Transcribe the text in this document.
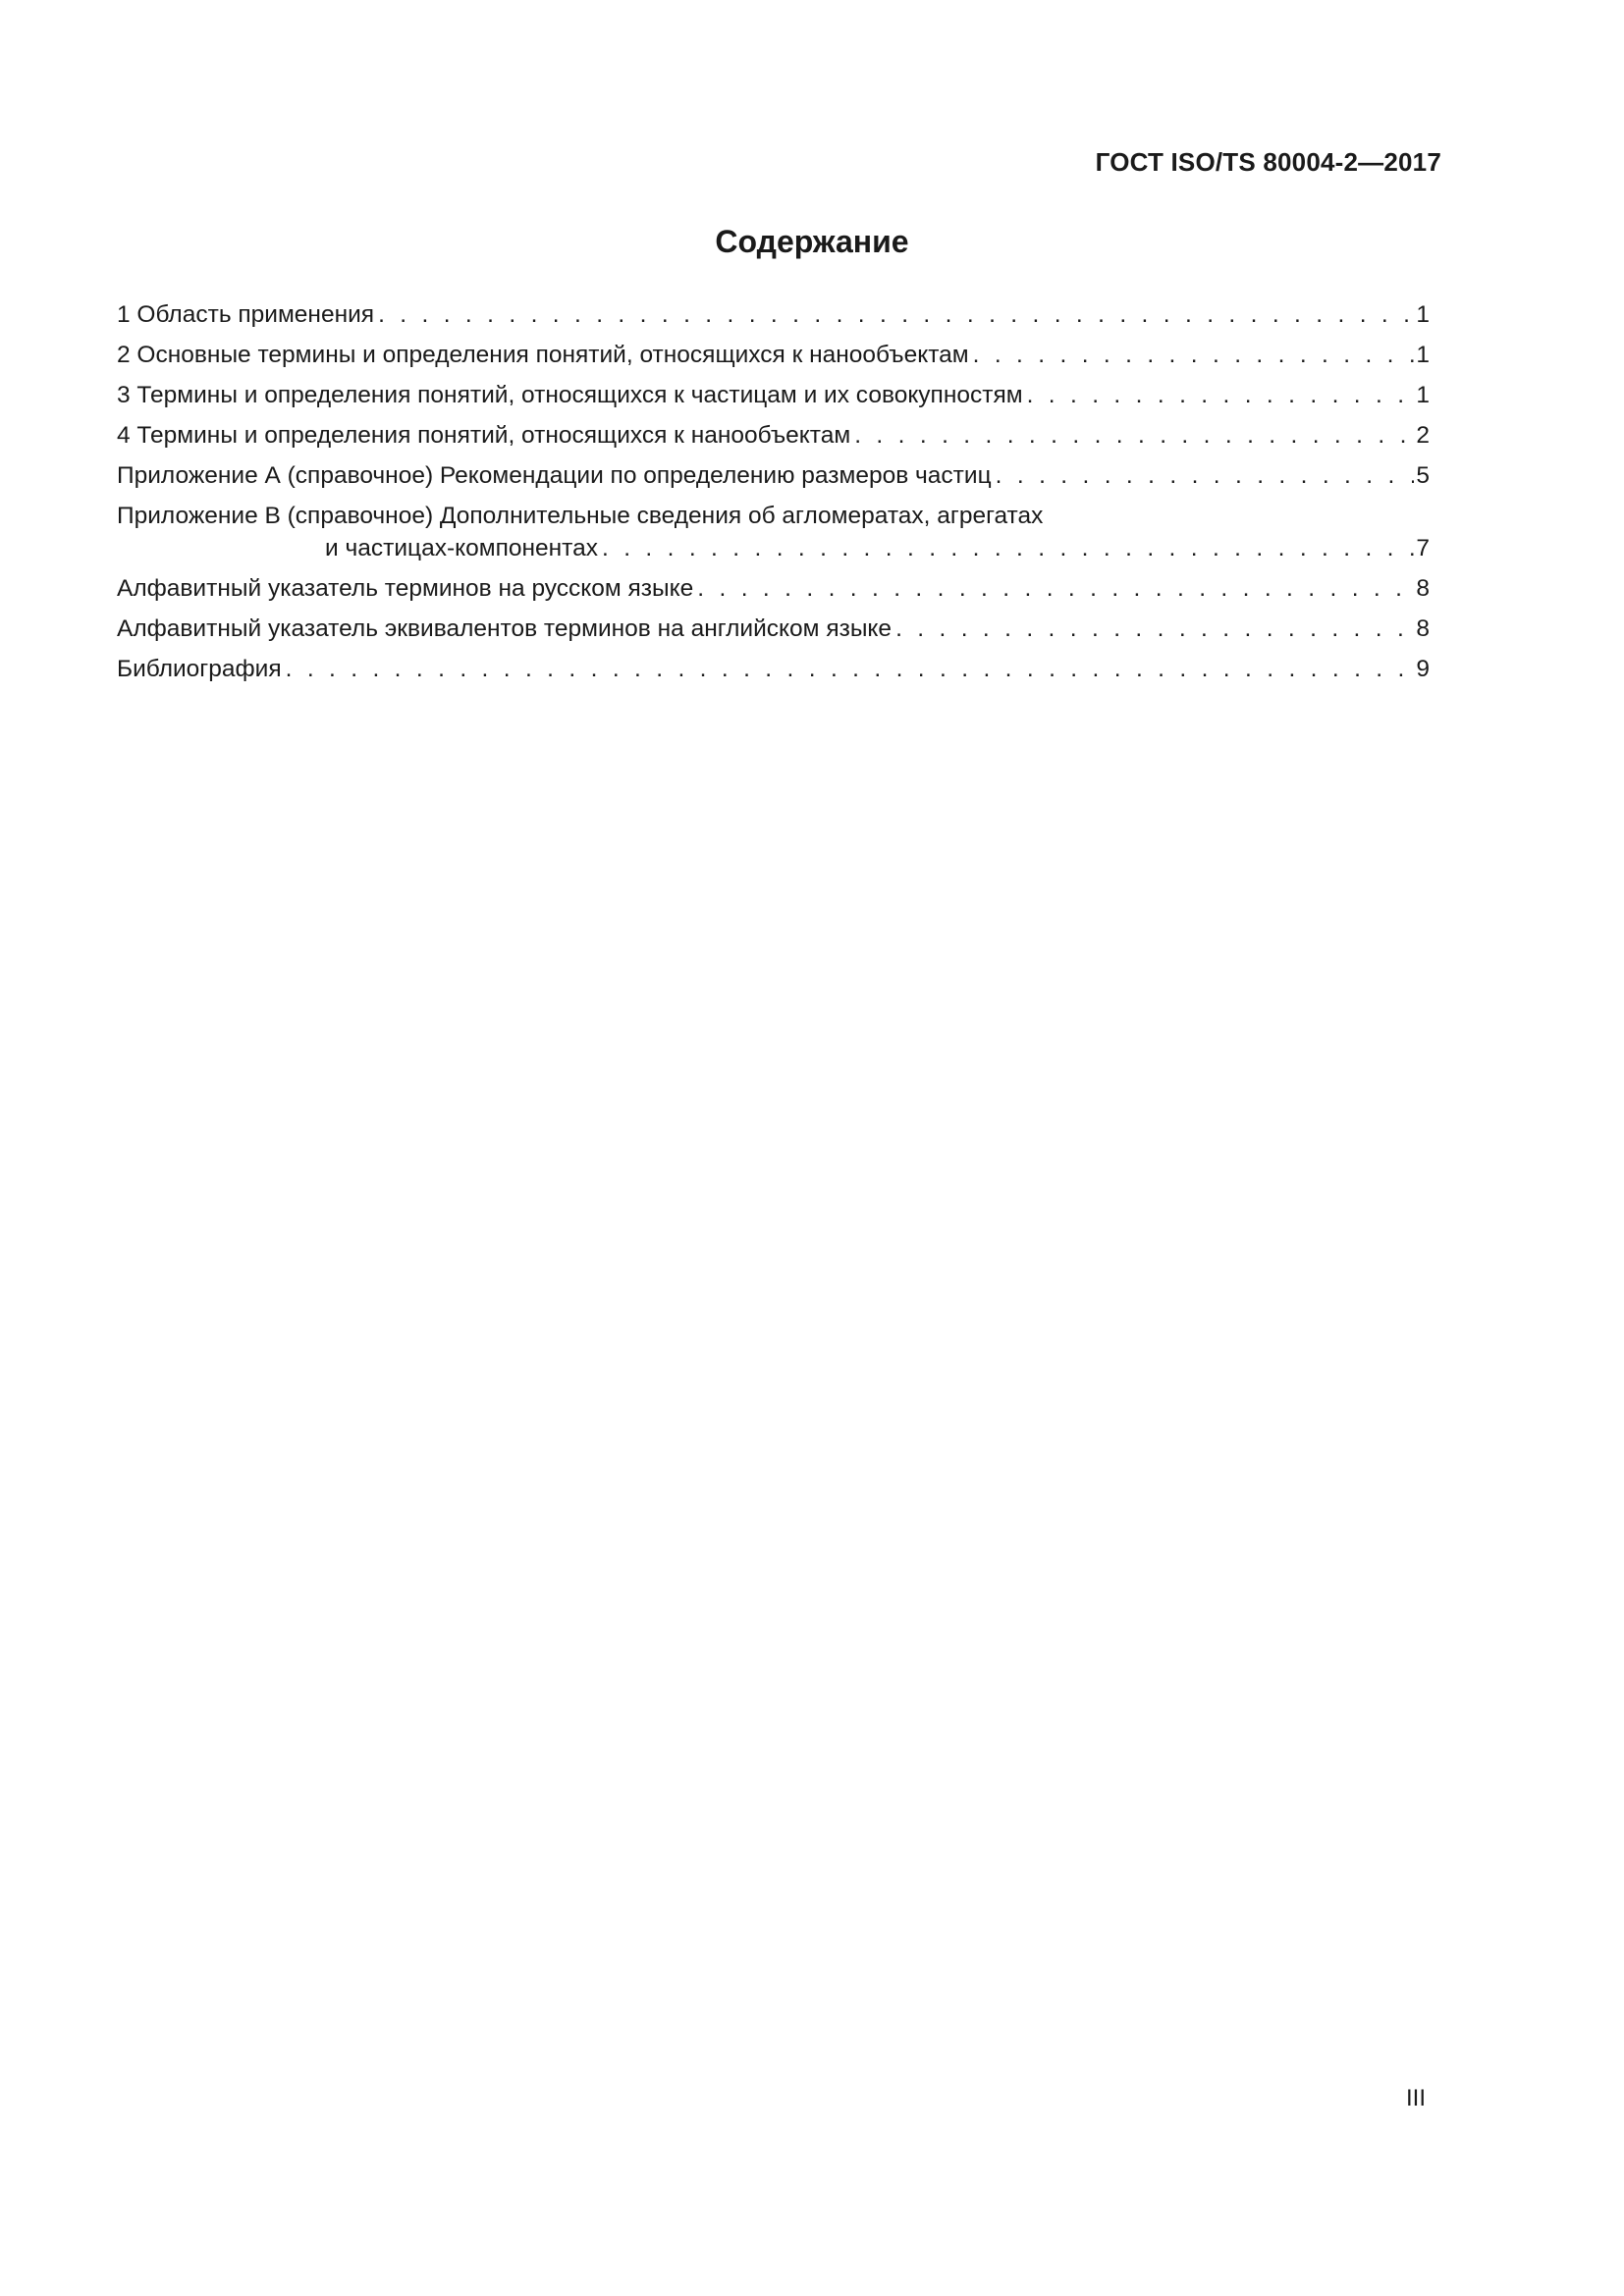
ГОСТ ISO/TS 80004-2—2017
Содержание
1 Область применения . . .	1
2 Основные термины и определения понятий, относящихся к нанообъектам . . .	1
3 Термины и определения понятий, относящихся к частицам и их совокупностям . . .	1
4 Термины и определения понятий, относящихся к нанообъектам . . .	2
Приложение А (справочное) Рекомендации по определению размеров частиц . . .	5
Приложение В (справочное) Дополнительные сведения об агломератах, агрегатах
и частицах-компонентах . . .	7
Алфавитный указатель терминов на русском языке . . .	8
Алфавитный указатель эквивалентов терминов на английском языке . . .	8
Библиография . . .	9
III
